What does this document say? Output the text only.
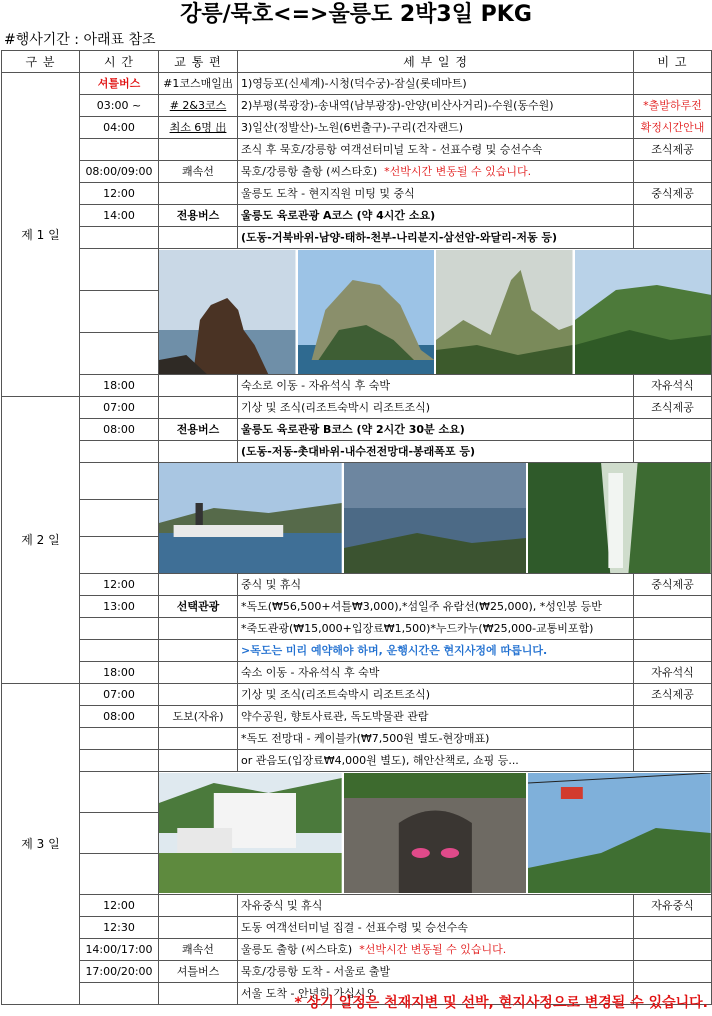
강릉/묵호<=>울릉도 2박3일 PKG
#행사기간 : 아래표 참조
구 분	시 간	교 통 편	세 부 일 정	비 고	
제 1 일	셔틀버스	#1코스매일出	1)영등포(신세계)-시청(덕수궁)-잠실(롯데마트)		
	03:00 ~	# 2&3코스	2)부평(북광장)-송내역(남부광장)-안양(비산사거리)-수원(동수원)	*출발하루전	
	04:00	최소 6명 出	3)일산(정발산)-노원(6번출구)-구리(건자랜드)	확정시간안내	
			조식 후 묵호/강릉항 여객선터미널 도착 - 선표수령 및 승선수속	조식제공	
	08:00/09:00	쾌속선	묵호/강릉항 출항 (씨스타호) *선박시간 변동될 수 있습니다.		
	12:00		울릉도 도착 - 현지직원 미팅 및 중식	중식제공	
	14:00	전용버스	울릉도 육로관광 A코스 (약 4시간 소요)		
			(도동-거북바위-남양-태하-천부-나리분지-삼선암-와달리-저동 등)		

	18:00		숙소로 이동 - 자유석식 후 숙박	자유석식	
제 2 일	07:00		기상 및 조식(리조트숙박시 리조트조식)	조식제공	
	08:00	전용버스	울릉도 육로관광 B코스 (약 2시간 30분 소요)		
			(도동-저동-촛대바위-내수전전망대-봉래폭포 등)		

	12:00		중식 및 휴식	중식제공	
	13:00	선택관광	*독도(₩56,500+셔틀₩3,000),*섬일주 유람선(₩25,000), *성인봉 등반		
			*죽도관광(₩15,000+입장료₩1,500)*누드카누(₩25,000-교통비포함)		
			>독도는 미리 예약해야 하며, 운행시간은 현지사정에 따릅니다.		
	18:00		숙소 이동 - 자유석식 후 숙박	자유석식	
제 3 일	07:00		기상 및 조식(리조트숙박시 리조트조식)	조식제공	
	08:00	도보(자유)	약수공원, 향토사료관, 독도박물관 관람		
			*독도 전망대 - 케이블카(₩7,500원 별도-현장매표)		
			or 관음도(입장료₩4,000원 별도), 해안산책로, 쇼핑 등...		

	12:00		자유중식 및 휴식	자유중식	
	12:30		도동 여객선터미널 집결 - 선표수령 및 승선수속		
	14:00/17:00	쾌속선	울릉도 출항 (씨스타호) *선박시간 변동될 수 있습니다.		
	17:00/20:00	셔틀버스	묵호/강릉항 도착 - 서울로 출발		
			서울 도착 - 안녕히 가십시오		
* 상기 일정은 천재지변 및 선박, 현지사정으로 변경될 수 있습니다.
